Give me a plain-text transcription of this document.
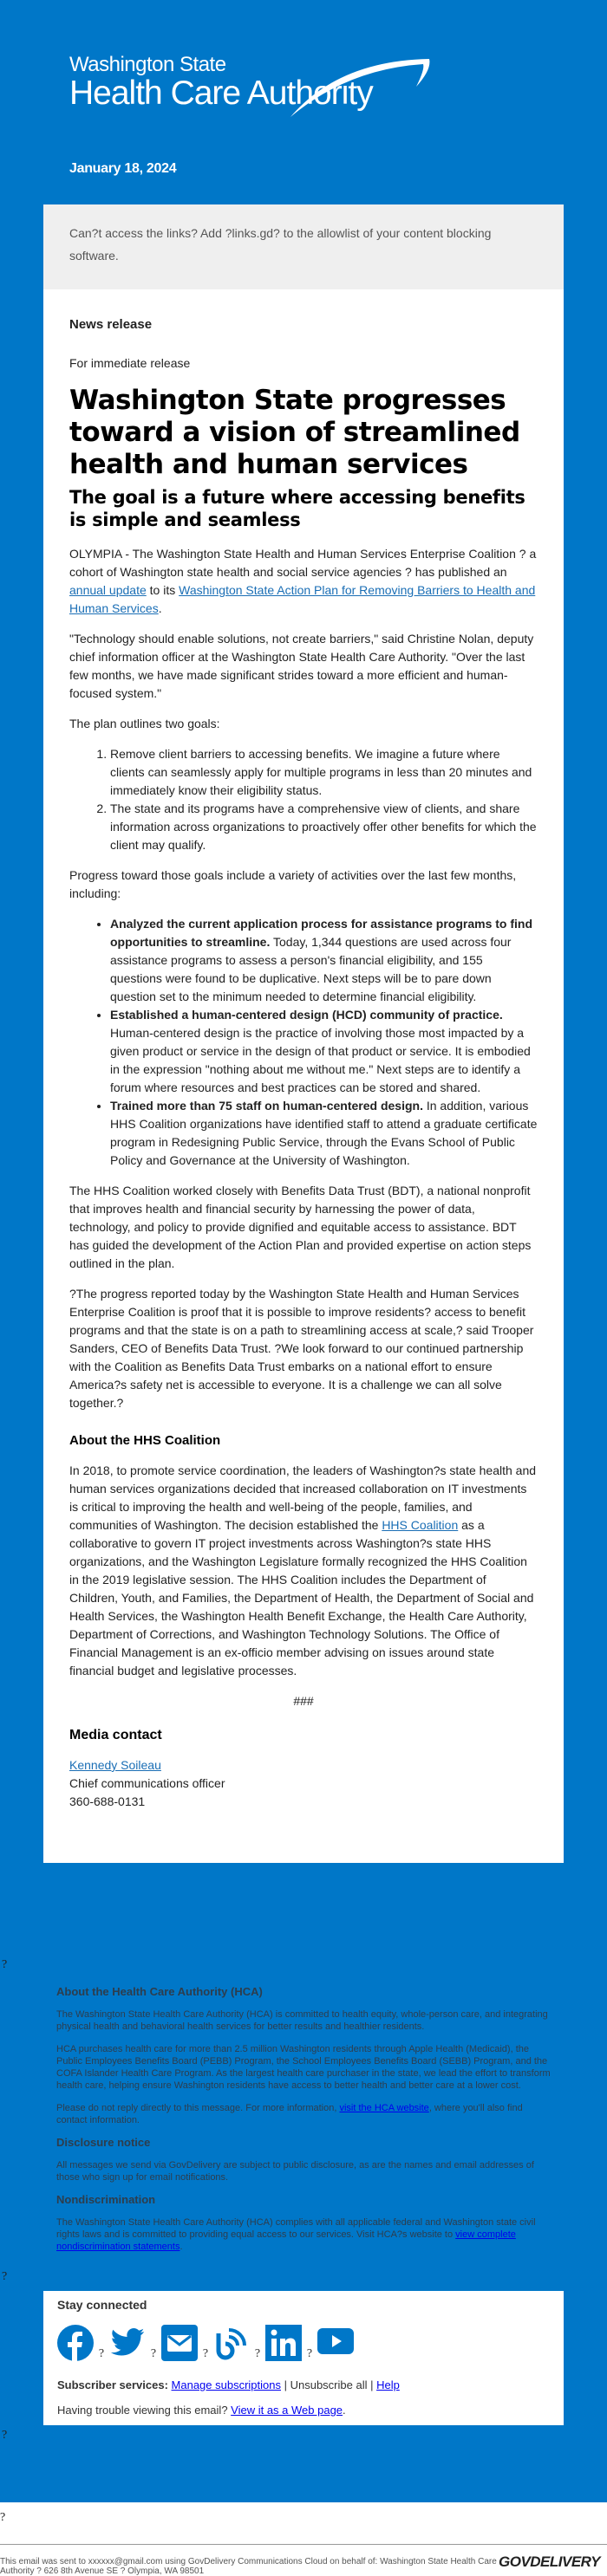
Washington State
Health Care Authority
January 18, 2024
Can?t access the links? Add ?links.gd? to the allowlist of your content blocking software.

News release

For immediate release

Washington State progresses toward a vision of streamlined health and human services
The goal is a future where accessing benefits is simple and seamless

OLYMPIA - The Washington State Health and Human Services Enterprise Coalition ? a cohort of Washington state health and social service agencies ? has published an annual update to its Washington State Action Plan for Removing Barriers to Health and Human Services.

"Technology should enable solutions, not create barriers," said Christine Nolan, deputy chief information officer at the Washington State Health Care Authority. "Over the last few months, we have made significant strides toward a more efficient and human-focused system."

The plan outlines two goals:

1. Remove client barriers to accessing benefits. We imagine a future where clients can seamlessly apply for multiple programs in less than 20 minutes and immediately know their eligibility status.
2. The state and its programs have a comprehensive view of clients, and share information across organizations to proactively offer other benefits for which the client may qualify.

Progress toward those goals include a variety of activities over the last few months, including:

• Analyzed the current application process for assistance programs to find opportunities to streamline. Today, 1,344 questions are used across four assistance programs to assess a person's financial eligibility, and 155 questions were found to be duplicative. Next steps will be to pare down question set to the minimum needed to determine financial eligibility.
• Established a human-centered design (HCD) community of practice. Human-centered design is the practice of involving those most impacted by a given product or service in the design of that product or service. It is embodied in the expression "nothing about me without me." Next steps are to identify a forum where resources and best practices can be stored and shared.
• Trained more than 75 staff on human-centered design. In addition, various HHS Coalition organizations have identified staff to attend a graduate certificate program in Redesigning Public Service, through the Evans School of Public Policy and Governance at the University of Washington.

The HHS Coalition worked closely with Benefits Data Trust (BDT), a national nonprofit that improves health and financial security by harnessing the power of data, technology, and policy to provide dignified and equitable access to assistance. BDT has guided the development of the Action Plan and provided expertise on action steps outlined in the plan.

?The progress reported today by the Washington State Health and Human Services Enterprise Coalition is proof that it is possible to improve residents? access to benefit programs and that the state is on a path to streamlining access at scale,? said Trooper Sanders, CEO of Benefits Data Trust. ?We look forward to our continued partnership with the Coalition as Benefits Data Trust embarks on a national effort to ensure America?s safety net is accessible to everyone. It is a challenge we can all solve together.?

About the HHS Coalition

In 2018, to promote service coordination, the leaders of Washington?s state health and human services organizations decided that increased collaboration on IT investments is critical to improving the health and well-being of the people, families, and communities of Washington. The decision established the HHS Coalition as a collaborative to govern IT project investments across Washington?s state HHS organizations, and the Washington Legislature formally recognized the HHS Coalition in the 2019 legislative session. The HHS Coalition includes the Department of Children, Youth, and Families, the Department of Health, the Department of Social and Health Services, the Washington Health Benefit Exchange, the Health Care Authority, Department of Corrections, and Washington Technology Solutions. The Office of Financial Management is an ex-officio member advising on issues around state financial budget and legislative processes.

###

Media contact
Kennedy Soileau
Chief communications officer
360-688-0131
?
About the Health Care Authority (HCA)

The Washington State Health Care Authority (HCA) is committed to health equity, whole-person care, and integrating physical health and behavioral health services for better results and healthier residents.

HCA purchases health care for more than 2.5 million Washington residents through Apple Health (Medicaid), the Public Employees Benefits Board (PEBB) Program, the School Employees Benefits Board (SEBB) Program, and the COFA Islander Health Care Program. As the largest health care purchaser in the state, we lead the effort to transform health care, helping ensure Washington residents have access to better health and better care at a lower cost.

Please do not reply directly to this message. For more information, visit the HCA website, where you'll also find contact information.

Disclosure notice

All messages we send via GovDelivery are subject to public disclosure, as are the names and email addresses of those who sign up for email notifications.

Nondiscrimination

The Washington State Health Care Authority (HCA) complies with all applicable federal and Washington state civil rights laws and is committed to providing equal access to our services. Visit HCA?s website to view complete nondiscrimination statements.

?
Stay connected
?	?	?	?	?
Subscriber services: Manage subscriptions | Unsubscribe all | Help
Having trouble viewing this email? View it as a Web page.
?
?
This email was sent to xxxxxx@gmail.com using GovDelivery Communications Cloud on behalf of: Washington State Health Care Authority ? 626 8th Avenue SE ? Olympia, WA 98501
GOVDELIVERY
